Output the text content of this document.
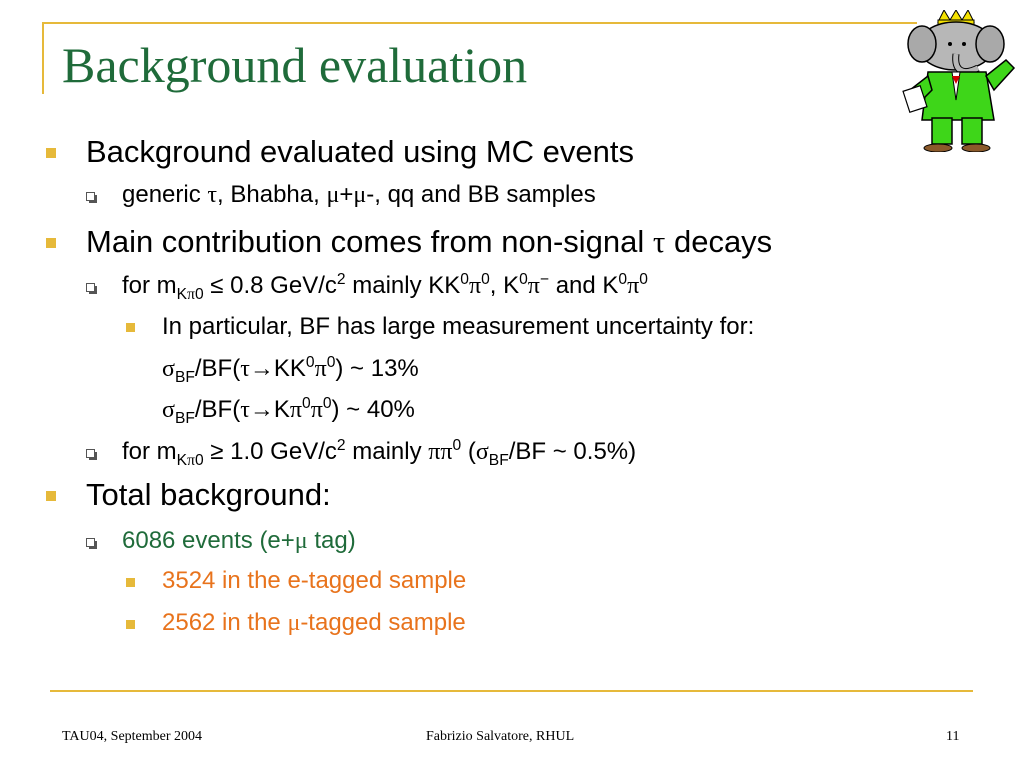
Background evaluation
Background evaluated using MC events
generic τ, Bhabha, μ+μ-, qq and BB samples
Main contribution comes from non-signal τ decays
for $m_{K\pi 0} \le 0.8$ GeV/$c^2$ mainly $KK^0\pi^0$, $K^0\pi^-$ and $K^0\pi^0$
In particular, BF has large measurement uncertainty for:
$\sigma_{BF}/BF(\tau\to KK^0\pi^0)$ ~ 13%
$\sigma_{BF}/BF(\tau\to K\pi^0\pi^0)$ ~ 40%
for $m_{K\pi 0} \ge 1.0$ GeV/$c^2$ mainly $\pi\pi^0$ ($\sigma_{BF}/BF$ ~ 0.5%)
Total background:
6086 events (e+μ tag)
3524 in the e-tagged sample
2562 in the μ-tagged sample
TAU04, September 2004	Fabrizio Salvatore, RHUL	11
